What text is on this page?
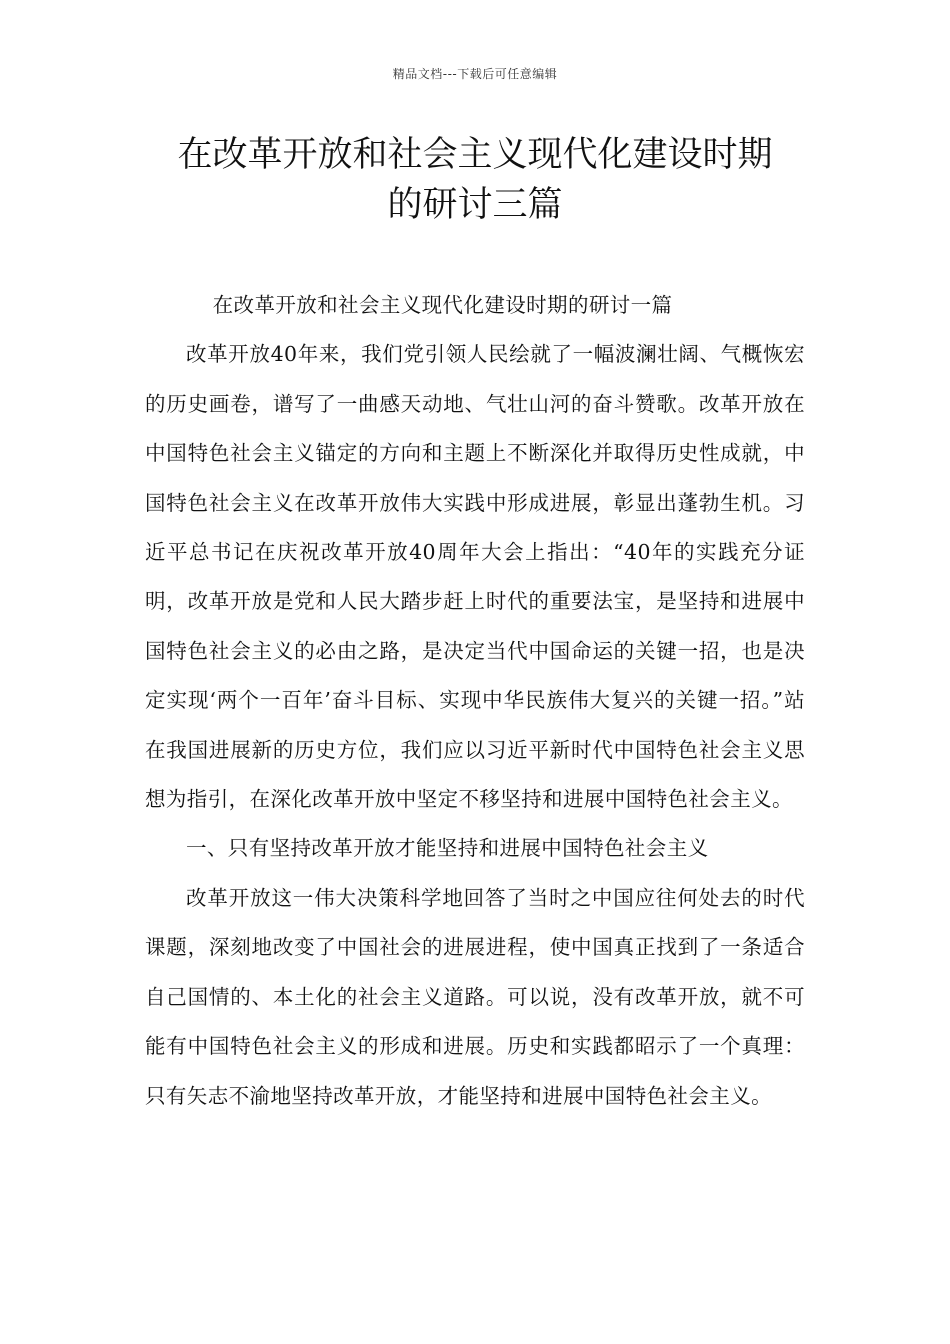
精品文档---下载后可任意编辑
在改革开放和社会主义现代化建设时期
的研讨三篇

在改革开放和社会主义现代化建设时期的研讨一篇

改革开放40年来，我们党引领人民绘就了一幅波澜壮阔、气概恢宏的历史画卷，谱写了一曲感天动地、气壮山河的奋斗赞歌。改革开放在中国特色社会主义锚定的方向和主题上不断深化并取得历史性成就，中国特色社会主义在改革开放伟大实践中形成进展，彰显出蓬勃生机。习近平总书记在庆祝改革开放40周年大会上指出：“40年的实践充分证明，改革开放是党和人民大踏步赶上时代的重要法宝，是坚持和进展中国特色社会主义的必由之路，是决定当代中国命运的关键一招，也是决定实现‘两个一百年’奋斗目标、实现中华民族伟大复兴的关键一招。”站在我国进展新的历史方位，我们应以习近平新时代中国特色社会主义思想为指引，在深化改革开放中坚定不移坚持和进展中国特色社会主义。

一、只有坚持改革开放才能坚持和进展中国特色社会主义

改革开放这一伟大决策科学地回答了当时之中国应往何处去的时代课题，深刻地改变了中国社会的进展进程，使中国真正找到了一条适合自己国情的、本土化的社会主义道路。可以说，没有改革开放，就不可能有中国特色社会主义的形成和进展。历史和实践都昭示了一个真理：只有矢志不渝地坚持改革开放，才能坚持和进展中国特色社会主义。
